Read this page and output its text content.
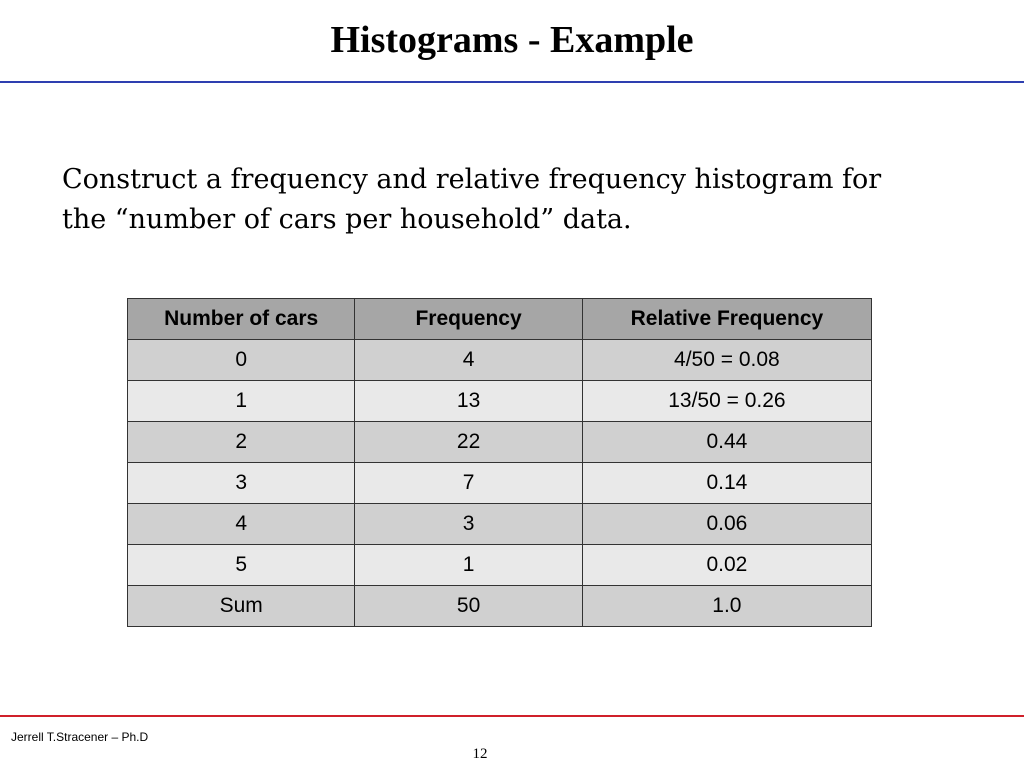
Histograms - Example
Construct a frequency and relative frequency histogram for
the “number of cars per household” data.
Number of cars	Frequency	Relative Frequency
0	4	4/50 = 0.08
1	13	13/50 = 0.26
2	22	0.44
3	7	0.14
4	3	0.06
5	1	0.02
Sum	50	1.0
Jerrell T.Stracener – Ph.D
12
